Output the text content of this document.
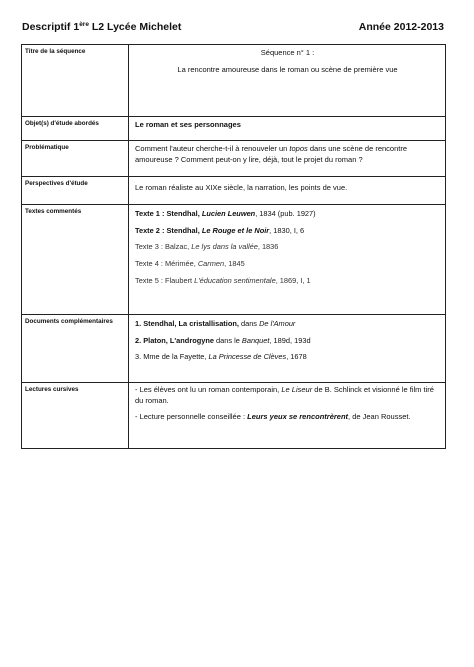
Descriptif 1ère L2 Lycée Michelet	Année 2012-2013
Titre de la séquence	Séquence n° 1 :
La rencontre amoureuse dans le roman ou scène de première vue

Objet(s) d'étude abordés	Le roman et ses personnages
Problématique	Comment l'auteur cherche-t-il à renouveler un topos dans une scène de rencontre
amoureuse ? Comment peut-on y lire, déjà, tout le projet du roman ?

Perspectives d'étude	Le roman réaliste au XIXe siècle, la narration, les points de vue.
Textes commentés	Texte 1 : Stendhal, Lucien Leuwen, 1834 (pub. 1927)
Texte 2 : Stendhal, Le Rouge et le Noir, 1830, I, 6
Texte 3 : Balzac, Le lys dans la vallée, 1836
Texte 4 : Mérimée, Carmen, 1845
Texte 5 : Flaubert L'éducation sentimentale, 1869, I, 1

Documents complémentaires	1. Stendhal, La cristallisation, dans De l'Amour
2. Platon, L'androgyne dans le Banquet, 189d, 193d
3. Mme de la Fayette, La Princesse de Clèves, 1678

Lectures cursives	- Les élèves ont lu un roman contemporain, Le Liseur de B. Schlinck et visionné le film tiré du roman.
- Lecture personnelle conseillée : Leurs yeux se rencontrèrent, de Jean Rousset.
